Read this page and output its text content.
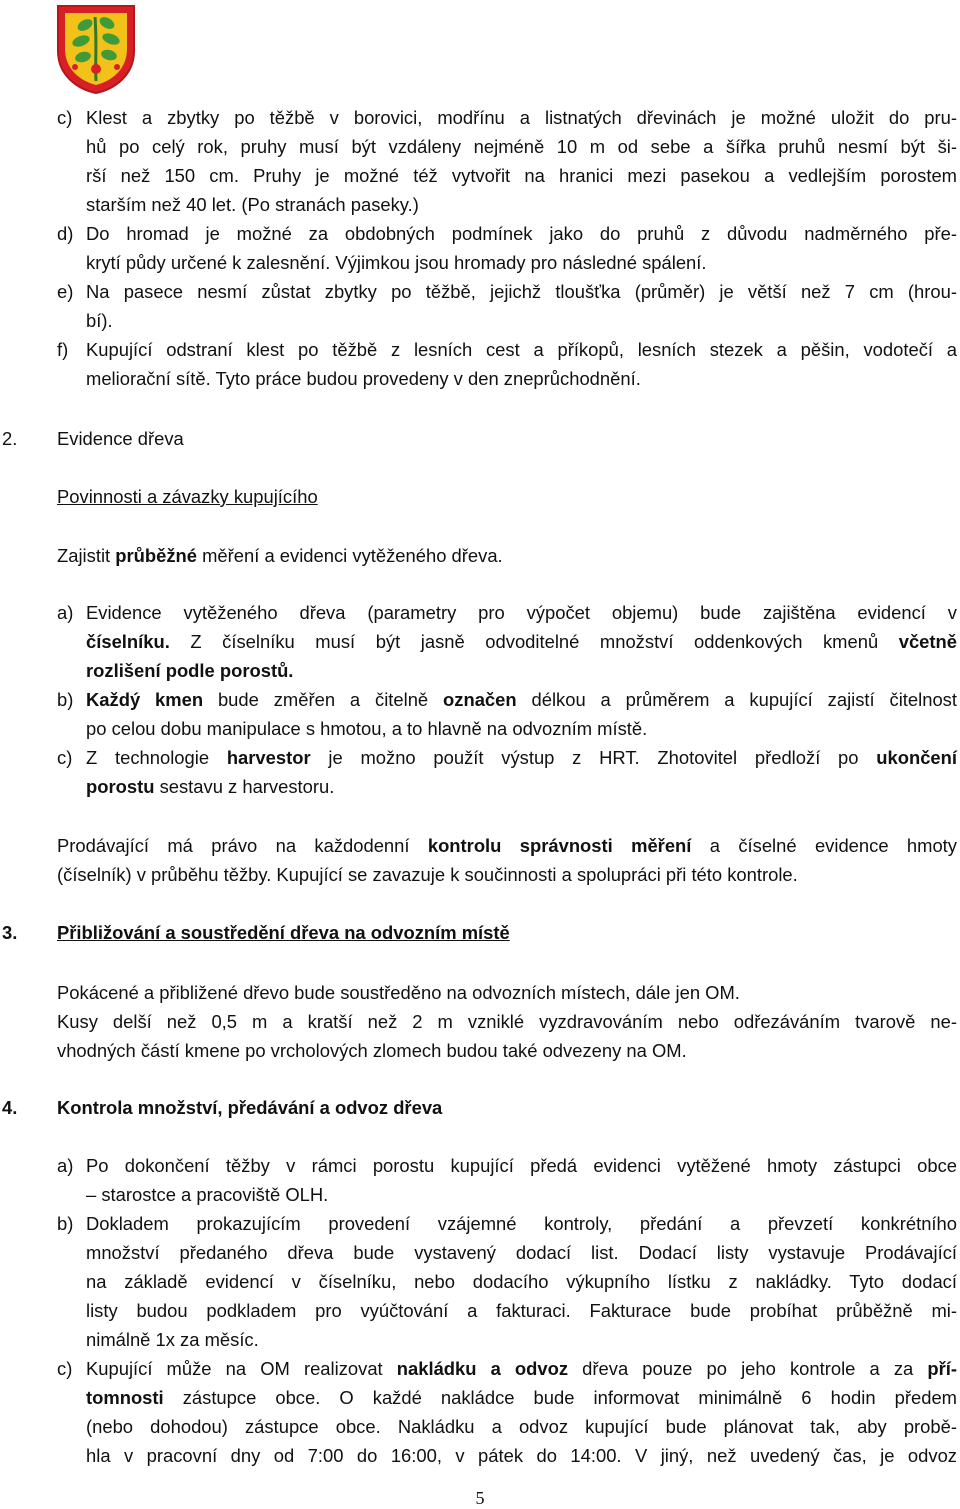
c) Klest a zbytky po těžbě v borovici, modřínu a listnatých dřevinách je možné uložit do pru-
hů po celý rok, pruhy musí být vzdáleny nejméně 10 m od sebe a šířka pruhů nesmí být ši-
rší než 150 cm. Pruhy je možné též vytvořit na hranici mezi pasekou a vedlejším porostem
starším než 40 let. (Po stranách paseky.)
d) Do hromad je možné za obdobných podmínek jako do pruhů z důvodu nadměrného pře-
krytí půdy určené k zalesnění. Výjimkou jsou hromady pro následné spálení.
e) Na pasece nesmí zůstat zbytky po těžbě, jejichž tloušťka (průměr) je větší než 7 cm (hrou-
bí).
f) Kupující odstraní klest po těžbě z lesních cest a příkopů, lesních stezek a pěšin, vodotečí a
meliorační sítě. Tyto práce budou provedeny v den zneprůchodnění.
2.	Evidence dřeva
Povinnosti a závazky kupujícího
Zajistit průběžné měření a evidenci vytěženého dřeva.
a) Evidence vytěženého dřeva (parametry pro výpočet objemu) bude zajištěna evidencí v
číselníku. Z číselníku musí být jasně odvoditelné množství oddenkových kmenů včetně
rozlišení podle porostů.
b) Každý kmen bude změřen a čitelně označen délkou a průměrem a kupující zajistí čitelnost
po celou dobu manipulace s hmotou, a to hlavně na odvozním místě.
c) Z technologie harvestor je možno použít výstup z HRT. Zhotovitel předloží po ukončení
porostu sestavu z harvestoru.
Prodávající má právo na každodenní kontrolu správnosti měření a číselné evidence hmoty
(číselník) v průběhu těžby. Kupující se zavazuje k součinnosti a spolupráci při této kontrole.
3.	Přibližování a soustředění dřeva na odvozním místě
Pokácené a přibližené dřevo bude soustředěno na odvozních místech, dále jen OM.
Kusy delší než 0,5 m a kratší než 2 m vzniklé vyzdravováním nebo odřezáváním tvarově ne-
vhodných částí kmene po vrcholových zlomech budou také odvezeny na OM.
4.	Kontrola množství, předávání a odvoz dřeva
a) Po dokončení těžby v rámci porostu kupující předá evidenci vytěžené hmoty zástupci obce
– starostce a pracoviště OLH.
b) Dokladem prokazujícím provedení vzájemné kontroly, předání a převzetí konkrétního
množství předaného dřeva bude vystavený dodací list. Dodací listy vystavuje Prodávající
na základě evidencí v číselníku, nebo dodacího výkupního lístku z nakládky. Tyto dodací
listy budou podkladem pro vyúčtování a fakturaci. Fakturace bude probíhat průběžně mi-
nimálně 1x za měsíc.
c) Kupující může na OM realizovat nakládku a odvoz dřeva pouze po jeho kontrole a za pří-
tomnosti zástupce obce. O každé nakládce bude informovat minimálně 6 hodin předem
(nebo dohodou) zástupce obce. Nakládku a odvoz kupující bude plánovat tak, aby probě-
hla v pracovní dny od 7:00 do 16:00, v pátek do 14:00. V jiný, než uvedený čas, je odvoz
5
